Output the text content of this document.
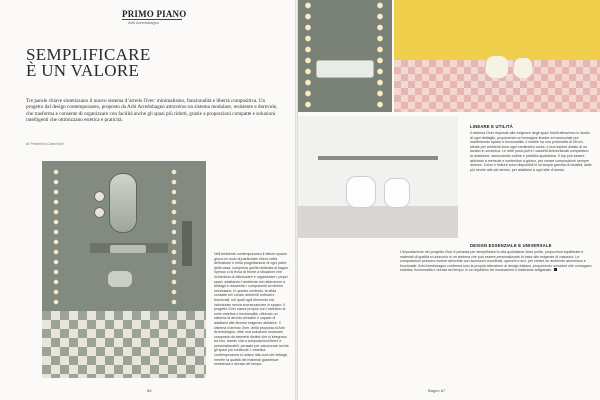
PRIMO PIANO
Arbi Arredobagno
SEMPLIFICARE
È UN VALORE
Tre parole chiave sintetizzano il nuovo sistema d’arredo Over: minimalismo, funzionalità e libertà compositiva. Un progetto dal design contemporaneo, proposto da Arbi Arredobagno attraverso un sistema modulare, resistente e durevole, che trasforma e consente di organizzare con facilità anche gli spazi più ridotti, grazie a proporzioni compatte e soluzioni intelligenti che ottimizzano estetica e praticità.
di Federica Cianchini
Nell’ambiente contemporaneo il fattore spazio gioca un ruolo di particolare rilievo nella definizione e nella progettazione di ogni parte della casa, compresa quella dedicata al bagno. Spesso ci si trova di fronte a situazioni che richiedono di ottimizzare e organizzare i propri spazi, adattando l’ambiente con attenzione a dettagli e riducendo i componenti al minimo necessario. In questo contesto, la sfida consiste nel creare ambienti ordinati e funzionali, nei quali ogni elemento sia valorizzato senza sovraccaricare lo spazio. Il progetto Over nasce proprio con l’obiettivo di unire estetica e funzionalità, offrendo un sistema di arredo versatile e capace di adattarsi alle diverse esigenze abitative. Il sistema d’arredo Over, della proposta di Arbi Arredobagno, offre una soluzione modulare composta da elementi distinti che si integrano tra loro, dando vita a composizioni libere e personalizzabili, pensate per valorizzare anche gli spazi più contenuti. L’estetica contemporanea si unisce alla cura dei dettagli, mentre la qualità dei materiali garantisce resistenza e durata nel tempo.
66
LINEARE E UTILITÀ
Il sistema Over risponde alle esigenze degli spazi ridotti attraverso lo studio di ogni dettaglio, proponendo un’immagine lineare ed essenziale pur mantenendo spazio e funzionalità. Il mobile ha una profondità di 28 cm, ideale per ambienti dove ogni centimetro conta, e può essere dotato di un lavabo in ceramica. Le ante push-pull e i cassetti ammortizzati completano la dotazione, assicurando ordine e praticità quotidiana. Il top può essere abbinato a mensole e contenitori a giorno, per creare composizioni sempre diverse. Colori e finiture sono disponibili in un’ampia gamma di tonalità, dalle più neutre alle più decise, per adattarsi a ogni stile d’arredo.
DESIGN ESSENZIALE E UNIVERSALE
L’impostazione del progetto Over è pensata per semplificare la vita quotidiana: linee pulite, proporzioni equilibrate e materiali di qualità si uniscono in un sistema che può essere personalizzato in base alle esigenze di ciascuno. Le composizioni possono essere arricchite con accessori coordinati, specchi e luci, per creare un ambiente armonioso e funzionale. Arbi Arredobagno conferma così la propria attenzione al design italiano, proponendo soluzioni che coniugano estetica, funzionalità e durata nel tempo, in un equilibrio tra innovazione e tradizione artigianale.
Bagno 67
